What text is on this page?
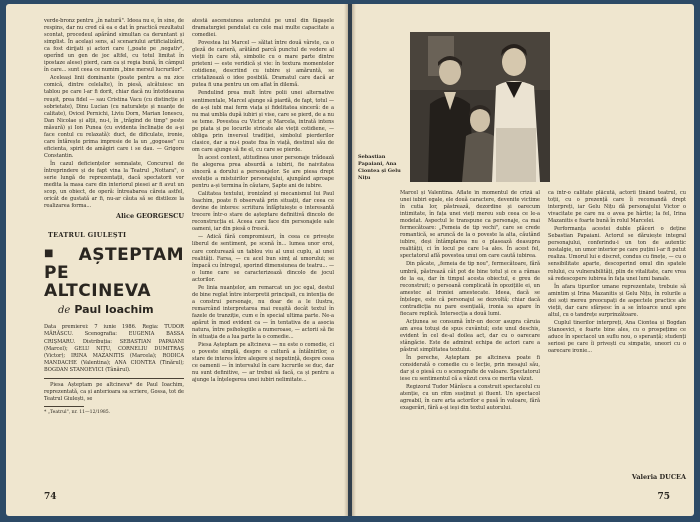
verde-bronz pentru „în natură". Ideea nu e, în sine, de respins, dar nu cred că ea e dat în practică rezultatul scontat, procedeul apărând simultan ca deruntant și simplist. În același sens, al scenariului artificializării, ca fost dirijati și actori care („poate pe ,negativ", operînd un gen de joc altfel, cu totul limitat în ipostaze alese) pierd, cam ca și regia bună, în câmpul în care... sunt ceea ce numim „bine mersul lucrurilor".

Aceleași linii dominante (poate pentru a nu zice comică, dintre celelalte), în piesă, alcătuiesc un tablou pe care l-ar fi dorit, chiar dacă nu întotdeauna reușit, prea fidel — sau Cristina Vacu (cu distincție și sobrietate), Dinu Lucian (cu naturalețe și nuanțe de calitate), Ovicel Pernichi, Liviu Dorn, Marian Ionescu, Dan Nicolae și alții, nu-i, în „trăgind de timp" peste măsură) și Ion Punea (cu evidenta înclinație de a-și face contul cu relaxată): duct, de dificulate, ironie, care întărește prima impresie de la un „gogoase" cu eficienta, spirit de amăgiri care i se dau. — Grigore Constantin.

În cazul deficiențelor semnalate, Concursul de întreprindere și de fapt vina la Teatrul „Nottara", o serie lungă de reprezentații, dacă spectatorii vor medita la masa care din interiorul piesei ar fi avut un scop, un obiect, de operă: întreabarea căreia astfel, oricât de gustată ar fi, nu-ar căuta să se distileze la realizarea forma...

Alice GEORGESCU
TEATRUL GIULEȘTI
■ AȘTEPTAM PE
ALTCINEVA
de Paul Ioachim
Data premierei: 7 iunie 1986. Regia: TUDOR MĂRĂSCU. Scenografia: EUGENIA BASSA CRIȘMARU. Distribuția: SEBASTIAN PAPAIANI (Marcel); GELU NIȚU, CORNELIU DUMITRAȘ (Victor); IRINA MAZANITIS (Marcela); RODICA MANDACHE (Valentina); ANA CIONTEA (Tinărul); BOGDAN STANOEVICI (Tânărul).

Piesa Așteptam pe altcineva* de Paul Ioachim, reprezentată, ca și anterioara sa scriere, Gossa, tot de Teatrul Giulești, se

* „Teatrul", nr. 11—12/1985.

atestă ascensiunea autorului pe unul din făgașele dramaturgiei pendulat cu cele mai multe capacitate a comediei.

Povestea lui Marcel — săltat între două vârste, ca o gleză de carieră, arătând parcă punctul de vedere al vieții în care stă, simbolic cu o mare parte dintre prieteni — este veridică și vie: în textura momentelor cotidiene, descriind cu iubire și amăruntă, se cristalizează o idee posibilă. Dramatul care dacă ar putea fi una pentru un om aflat în dilemă.

Pendulind prea mult între polii unei alternative sentimentale, Marcel ajunge să piardă, de fapt, totul — de a-și iubi mai ferm viața și fidelitatea sinceră: de a nu mai umbla după iubiri și vise, care se pierd, de a nu se teme. Povestea cu Victor și Marcela, intrată intens pe piata și pe locurile stricate ale vieții cotidiene, — obliga prin inversul tradiției, simbolul pierderilor clasice, dar a nu-i poate fixa în viață, destinul său de om care ajunge să fie el, cu care se pierde.

În acest context, atitudinea unor personaje trădează fie alegerea prea absurdă a iubirii, fie naivitatea sinceră a dorului a personajelor. Se are piesa drept evoluție a mistuirilor personajului, ajungând aproape pentru a-și termina în căutare, Șapte ani de iubire.

Calitatea textului, ironizând și mecanismul lui Paul Ioachim, poate fi observată prin situații, dar ceea ce devine de interes: scriitura înfăptuiește o interesantă trecere într-o stare de așteptare definitivă dincolo de reconstrucția ei. Aceea care face din personajele sale oameni, iar din piesă o frescă.

— Adică fără compromisuri, în ceea ce privește liberul de sentiment, pe scenă în... lumea unor eroi, care conturează un tablou viu al unui cuplu, al unei realități. Farsa, — cu acel bun simț al umorului; se împacă cu întregul, sporind dimensiunea de teatru... — o lume care se caracterizează dincolo de jocul actorilor.

Pe linia nuanțelor, am remarcat un joc egal, destul de bine reglat între interpretii principali, cu intenția de a construi personaje, nu doar de a le ilustra, remarcând interpretarea mai reușită decât textul în fazele de tranziție, cum e în special ultima parte. Ne-a apărut în mod evident ca — în tentativa de a asocia natura, între psihologiile a numeroase, — actorii să fie în situația de a lua parte la o comedie...

Piesa Așteptam pe altcineva — nu este o comedie, ci o poveste simplă, despre o cultură a întâlnirilor, o stare de interes între alegere și neputință, despre ceea ce oamenii — în intervalul în care lucrurile se duc, dar nu sunt definitive, — ar trebui să facă, ca și pentru a ajunge la înțelegerea unei iubiri nelimitate...

74
Sebastian Papaiani, Ana Ciontea și Gelu Nițu

Marcel și Valentina. Aflate în momentul de criză al unei iubiri egale, ele două caractere, devenite victime în cutia lor, păstrează, dezordine și oarecum intimitate, în fața unei vieți mereu sub ceea ce le-a modelat. Aspectul le transpune ca personaje, ca mai fermecătoare: „Femeia de tip vechi", care se crede romantică, se aruncă de la o poveste la alta, căutând iubire, deși întâmplarea nu o plasează deasupra realității, ci în locul pe care l-a ales. În acest fel, spectatorul află povestea unui om care caută iubirea.

Din păcate, „femeia de tip nou", fermecătoare, fără umbră, păstrează cât pot de bine totul și ce a rămas de la ea, dar în timpul acesta obiectul, e greu de reconstruit; o persoană complicată în opozițiile ei, un amestec al ironiei amestecate. Ideea, dacă se înțelege, este că personajul se dezvoltă; chiar dacă contradicția nu pare esențială, ironia sa apare în fiecare replică. Intersecția a două lumi.

Acțiunea se consumă într-un decor asupra căruia am avea totuși de spus cuvântul; este unul deschis, evident în cel de-al doilea act, dar cu o oarecare stângăcie. Este de admirat echipa de actori care a păstrat simplitatea textului.

În pereche, Așteptam pe altcineva poate fi considerată o comedie cu o lecție, prin mesajul său, dar și o piesă cu o scenografie de valoare. Spectatorul iese cu sentimentul că a văzut ceva ce merita văzut.

Regizorul Tudor Mărăscu a construit spectacolul cu atenție, cu un ritm susținut și fluent. Un spectacol agreabil, în care arta actorilor e pusă în valoare, fără exagerări, fără a-și ieși din textul autorului.

ca într-o calitate plăcută, actorii ținând teatrul, cu toții, cu o prezență care îi recomandă drept interpreți, iar Gelu Nițu dă personajului Victor o vivacitate pe care nu o avea pe hârtie; la fel, Irina Mazanitis e foarte bună în rolul Marcelei.

Performanța acestei duble plăceri o deține Sebastian Papaiani. Actorul se dăruiește integral personajului, conferindu-i un ton de autentic nostalgie, un umor interior pe care puțini l-ar fi putut realiza. Umorul lui e discret, condus cu finețe, — cu o sensibilitate aparte, descoperind omul din spatele rolului, cu vulnerabilități, plin de vitalitate, care vrea să redescopere iubirea în fața unei lumi banale.

În afara tipurilor umane reprezentate, trebuie să amintim și Irina Mazanitis și Gelu Nițu, în rolurile a doi soți mereu preocupați de aspectele practice ale vieții, dar care sfârșesc în a se întoarce unul spre altul, cu o tandrețe surprinzătoare.

Cuplul tinerilor interpreți, Ana Ciontea și Bogdan Stanoevici, e foarte bine ales, cu o prospețime ce aduce în spectacol un suflu nou, o speranță; studenți seriosi pe care îi privești cu simpatie, uneori cu o oarecare ironie...

Valeria DUCEA
75
